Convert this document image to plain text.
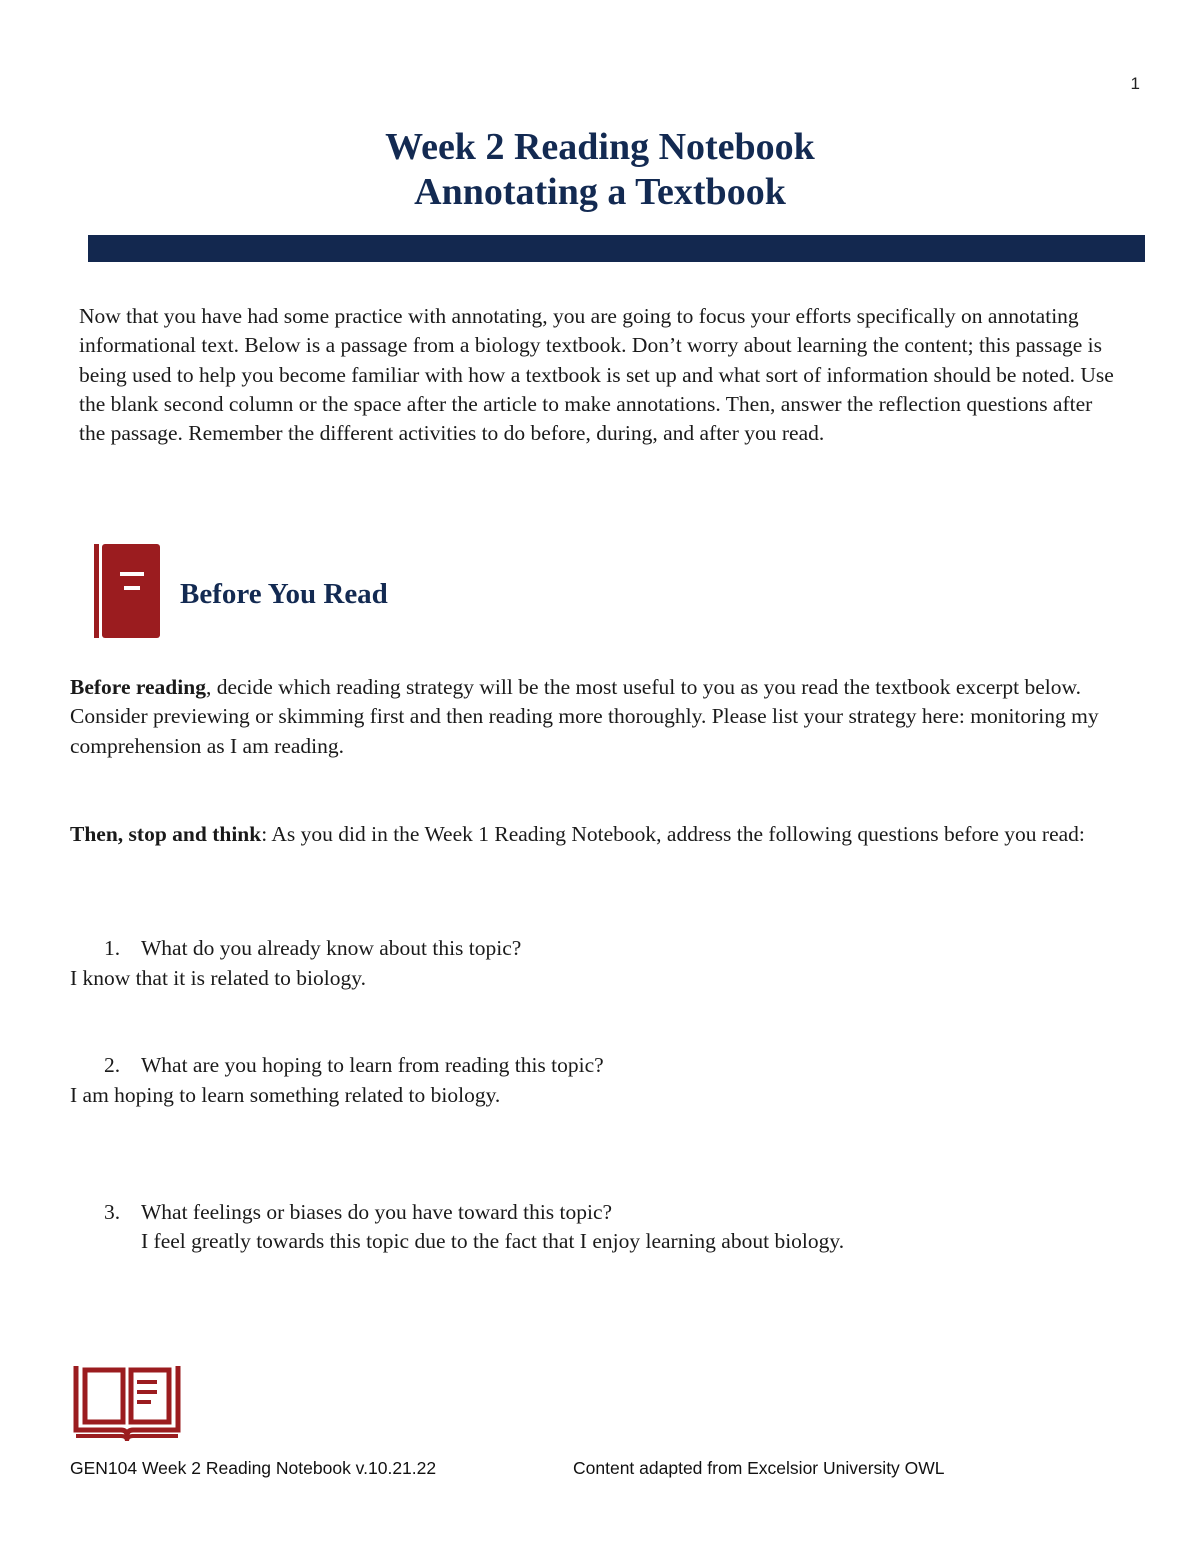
1
Week 2 Reading Notebook
Annotating a Textbook
Now that you have had some practice with annotating, you are going to focus your efforts specifically on annotating informational text. Below is a passage from a biology textbook. Don’t worry about learning the content; this passage is being used to help you become familiar with how a textbook is set up and what sort of information should be noted. Use the blank second column or the space after the article to make annotations. Then, answer the reflection questions after the passage. Remember the different activities to do before, during, and after you read.
Before You Read
Before reading, decide which reading strategy will be the most useful to you as you read the textbook excerpt below. Consider previewing or skimming first and then reading more thoroughly. Please list your strategy here: monitoring my comprehension as I am reading.
Then, stop and think: As you did in the Week 1 Reading Notebook, address the following questions before you read:
1. What do you already know about this topic?
I know that it is related to biology.
2. What are you hoping to learn from reading this topic?
I am hoping to learn something related to biology.
3. What feelings or biases do you have toward this topic?
I feel greatly towards this topic due to the fact that I enjoy learning about biology.
GEN104 Week 2 Reading Notebook v.10.21.22	Content adapted from Excelsior University OWL
